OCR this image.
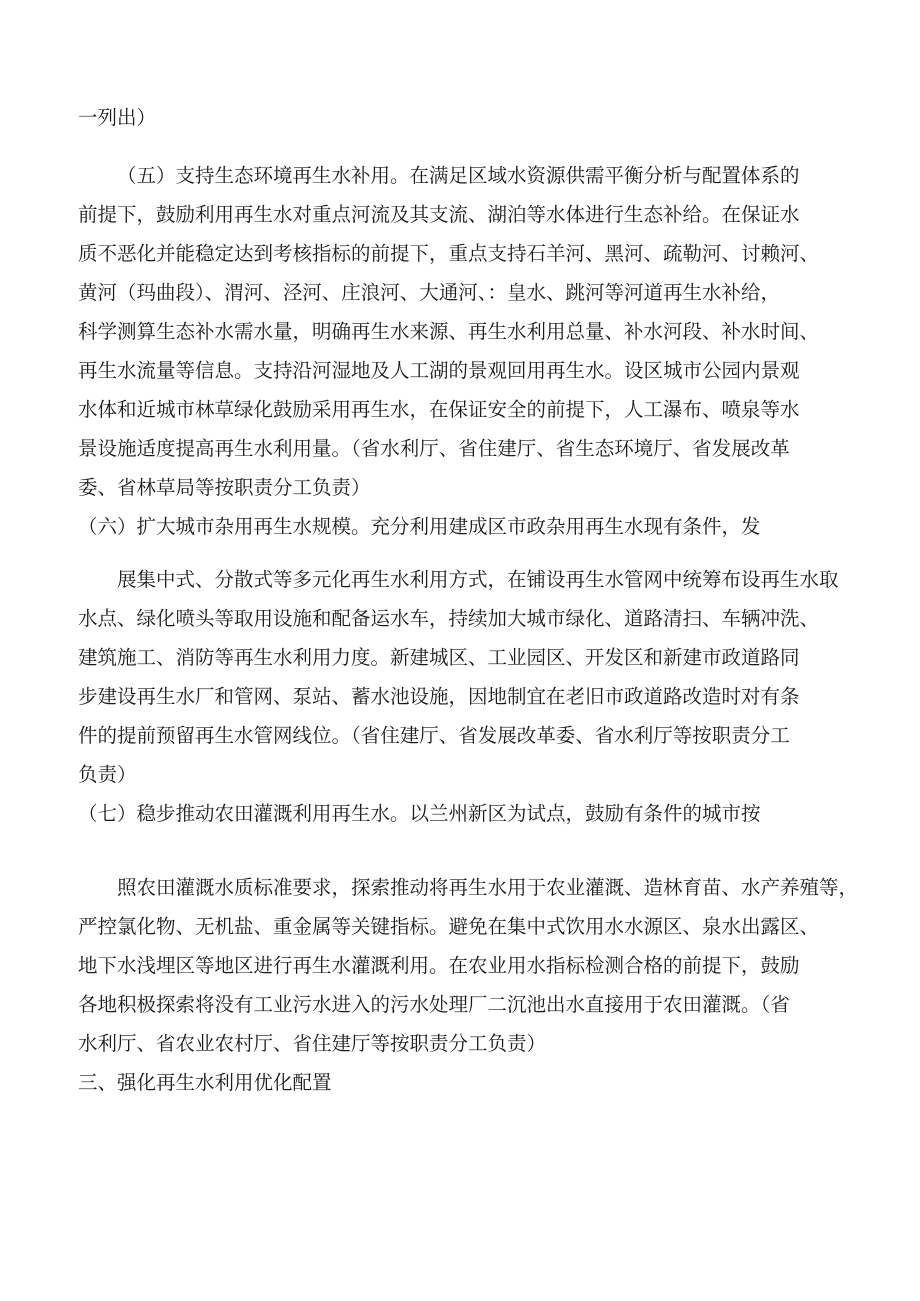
一列出）
（五）支持生态环境再生水补用。在满足区域水资源供需平衡分析与配置体系的
前提下，鼓励利用再生水对重点河流及其支流、湖泊等水体进行生态补给。在保证水
质不恶化并能稳定达到考核指标的前提下，重点支持石羊河、黑河、疏勒河、讨赖河、
黄河（玛曲段）、渭河、泾河、庄浪河、大通河、：皇水、跳河等河道再生水补给，
科学测算生态补水需水量，明确再生水来源、再生水利用总量、补水河段、补水时间、
再生水流量等信息。支持沿河湿地及人工湖的景观回用再生水。设区城市公园内景观
水体和近城市林草绿化鼓励采用再生水，在保证安全的前提下，人工瀑布、喷泉等水
景设施适度提高再生水利用量。（省水利厅、省住建厅、省生态环境厅、省发展改革
委、省林草局等按职责分工负责）
（六）扩大城市杂用再生水规模。充分利用建成区市政杂用再生水现有条件，发
展集中式、分散式等多元化再生水利用方式，在铺设再生水管网中统筹布设再生水取
水点、绿化喷头等取用设施和配备运水车，持续加大城市绿化、道路清扫、车辆冲洗、
建筑施工、消防等再生水利用力度。新建城区、工业园区、开发区和新建市政道路同
步建设再生水厂和管网、泵站、蓄水池设施，因地制宜在老旧市政道路改造时对有条
件的提前预留再生水管网线位。（省住建厅、省发展改革委、省水利厅等按职责分工
负责）
（七）稳步推动农田灌溉利用再生水。以兰州新区为试点，鼓励有条件的城市按
照农田灌溉水质标准要求，探索推动将再生水用于农业灌溉、造林育苗、水产养殖等，
严控氯化物、无机盐、重金属等关键指标。避免在集中式饮用水水源区、泉水出露区、
地下水浅埋区等地区进行再生水灌溉利用。在农业用水指标检测合格的前提下，鼓励
各地积极探索将没有工业污水进入的污水处理厂二沉池出水直接用于农田灌溉。（省
水利厅、省农业农村厅、省住建厅等按职责分工负责）
三、强化再生水利用优化配置
